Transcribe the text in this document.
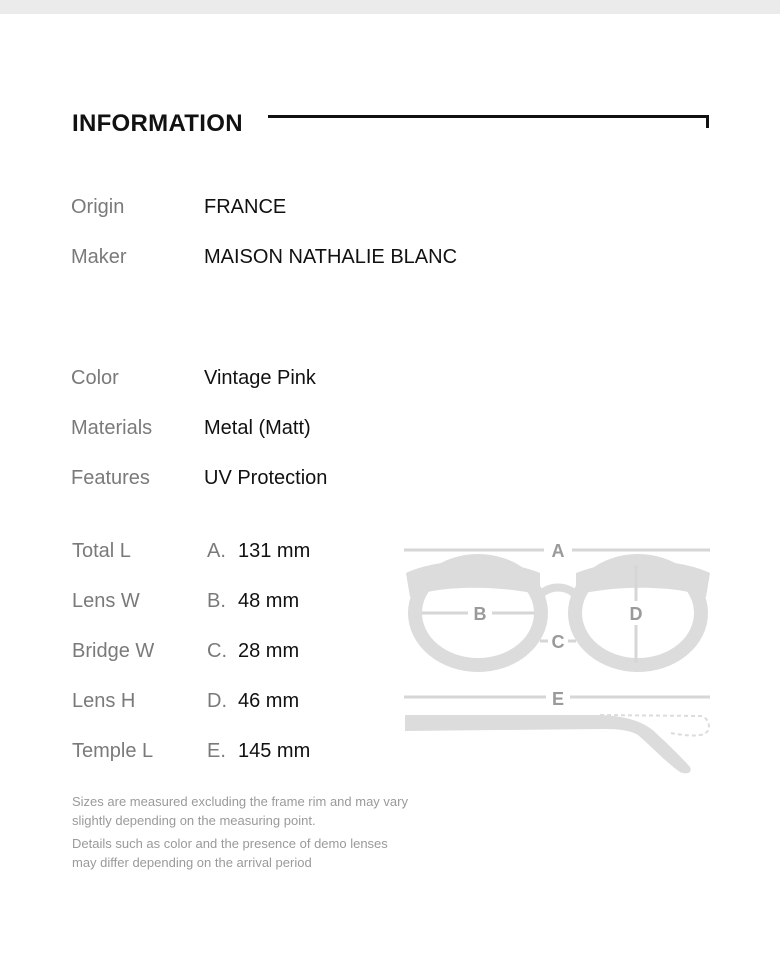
INFORMATION
Origin	FRANCE
Maker	MAISON NATHALIE BLANC
Color	Vintage Pink
Materials	Metal (Matt)
Features	UV Protection
Total L	A. 131 mm
Lens W	B. 48 mm
Bridge W	C. 28 mm
Lens H	D. 46 mm
Temple L	E. 145 mm
A
B
C
D
E
Sizes are measured excluding the frame rim and may vary slightly depending on the measuring point.
Details such as color and the presence of demo lenses may differ depending on the arrival period
